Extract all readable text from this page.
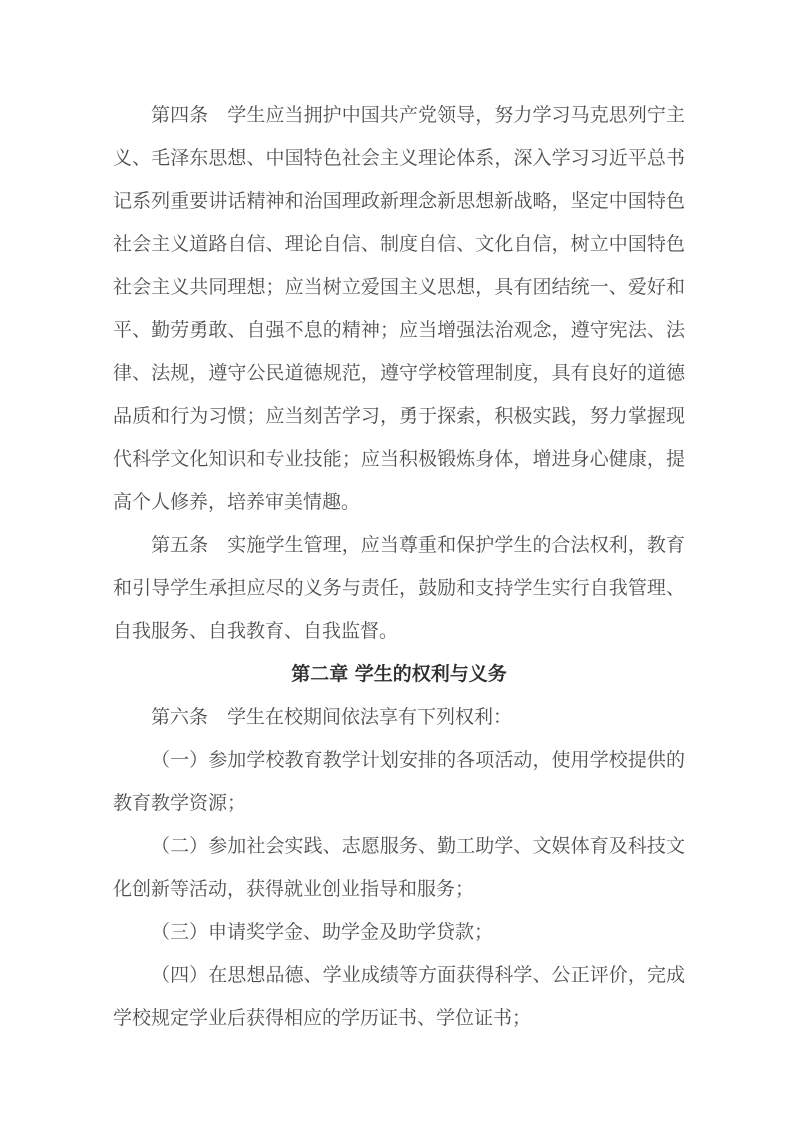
第四条　学生应当拥护中国共产党领导，努力学习马克思列宁主义、毛泽东思想、中国特色社会主义理论体系，深入学习习近平总书记系列重要讲话精神和治国理政新理念新思想新战略，坚定中国特色社会主义道路自信、理论自信、制度自信、文化自信，树立中国特色社会主义共同理想；应当树立爱国主义思想，具有团结统一、爱好和平、勤劳勇敢、自强不息的精神；应当增强法治观念，遵守宪法、法律、法规，遵守公民道德规范，遵守学校管理制度，具有良好的道德品质和行为习惯；应当刻苦学习，勇于探索，积极实践，努力掌握现代科学文化知识和专业技能；应当积极锻炼身体，增进身心健康，提高个人修养，培养审美情趣。

第五条　实施学生管理，应当尊重和保护学生的合法权利，教育和引导学生承担应尽的义务与责任，鼓励和支持学生实行自我管理、自我服务、自我教育、自我监督。

第二章 学生的权利与义务

第六条　学生在校期间依法享有下列权利：

（一）参加学校教育教学计划安排的各项活动，使用学校提供的教育教学资源；

（二）参加社会实践、志愿服务、勤工助学、文娱体育及科技文化创新等活动，获得就业创业指导和服务；

（三）申请奖学金、助学金及助学贷款；

（四）在思想品德、学业成绩等方面获得科学、公正评价，完成学校规定学业后获得相应的学历证书、学位证书；
